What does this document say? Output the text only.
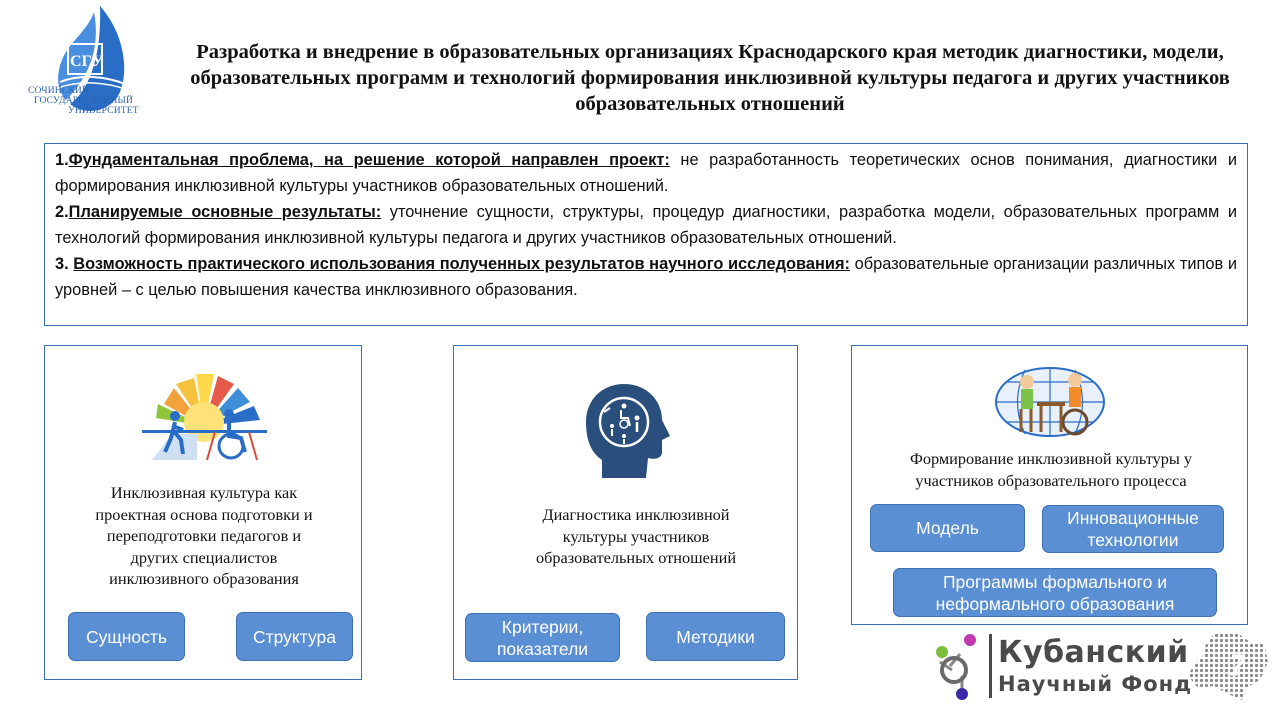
СГУ
СОЧИНСКИЙ
ГОСУДАРСТВЕННЫЙ
УНИВЕРСИТЕТ
Разработка и внедрение в образовательных организациях Краснодарского края методик диагностики, модели, образовательных программ и технологий формирования инклюзивной культуры педагога и других участников образовательных отношений

1.Фундаментальная проблема, на решение которой направлен проект: не разработанность теоретических основ понимания, диагностики и формирования инклюзивной культуры участников образовательных отношений.

2.Планируемые основные результаты: уточнение сущности, структуры, процедур диагностики, разработка модели, образовательных программ и технологий формирования инклюзивной культуры педагога и других участников образовательных отношений.

3. Возможность практического использования полученных результатов научного исследования: образовательные организации различных типов и уровней – с целью повышения качества инклюзивного образования.

Инклюзивная культура как проектная основа подготовки и переподготовки педагогов и других специалистов инклюзивного образования
Сущность	Структура
Диагностика инклюзивной культуры участников образовательных отношений
Критерии, показатели
Методики
Формирование инклюзивной культуры у участников образовательного процесса
Модель	Инновационные технологии
Программы формального и неформального образования
Кубанский
Научный Фонд
